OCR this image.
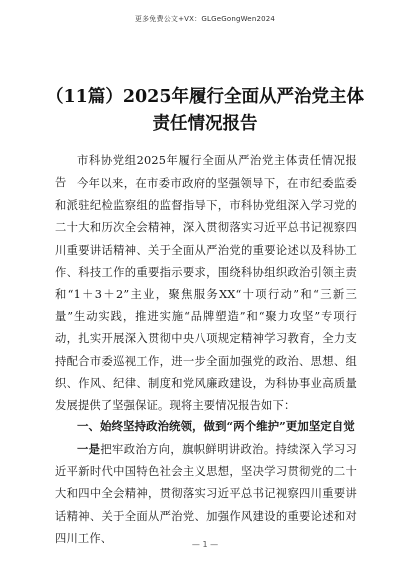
更多免费公文+VX：GLGeGongWen2024
（11篇）2025年履行全面从严治党主体
责任情况报告

市科协党组2025年履行全面从严治党主体责任情况报告 今年以来，在市委市政府的坚强领导下，在市纪委监委和派驻纪检监察组的监督指导下，市科协党组深入学习党的二十大和历次全会精神，深入贯彻落实习近平总书记视察四川重要讲话精神、关于全面从严治党的重要论述以及科协工作、科技工作的重要指示要求，围绕科协组织政治引领主责和“1＋3＋2”主业，聚焦服务XX“十项行动”和“三新三量”生动实践，推进实施“品牌塑造”和“聚力攻坚”专项行动，扎实开展深入贯彻中央八项规定精神学习教育，全力支持配合市委巡视工作，进一步全面加强党的政治、思想、组织、作风、纪律、制度和党风廉政建设，为科协事业高质量发展提供了坚强保证。现将主要情况报告如下：

一、始终坚持政治统领，做到“两个维护”更加坚定自觉

一是把牢政治方向，旗帜鲜明讲政治。持续深入学习习近平新时代中国特色社会主义思想，坚决学习贯彻党的二十大和四中全会精神，贯彻落实习近平总书记视察四川重要讲话精神、关于全面从严治党、加强作风建设的重要论述和对四川工作、	— 1 —
